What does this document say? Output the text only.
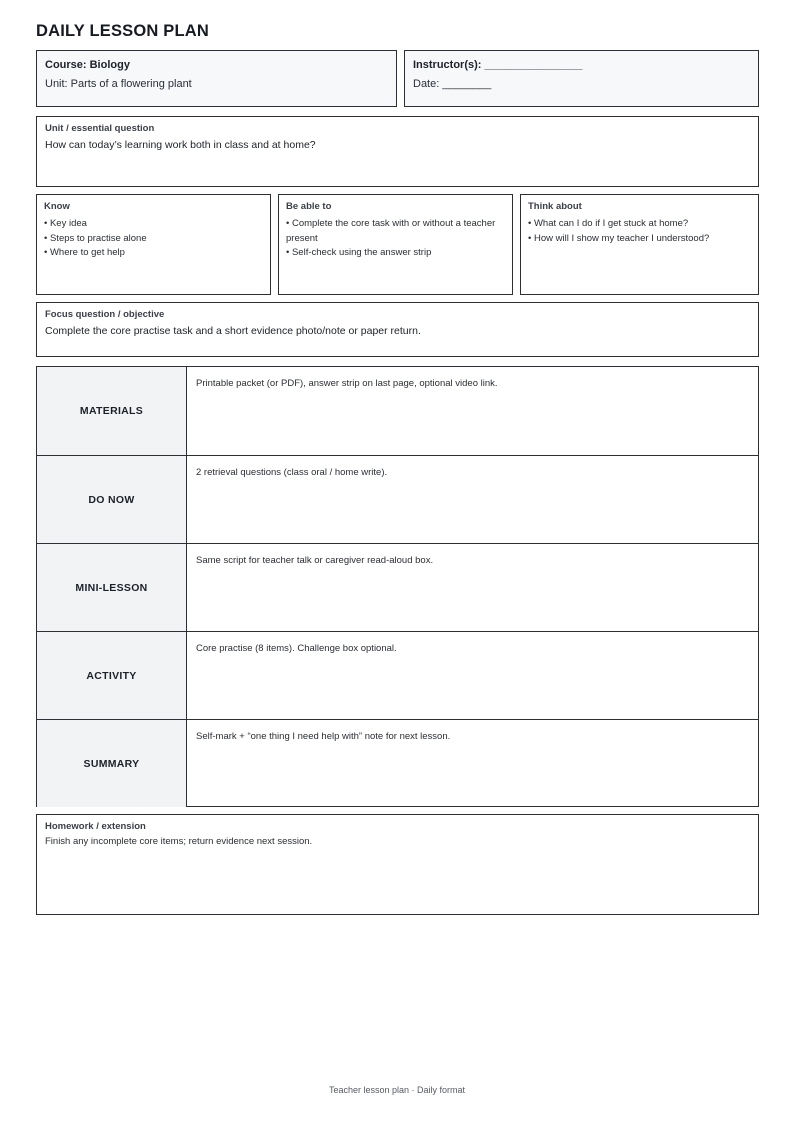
DAILY LESSON PLAN
Course: Biology
Unit: Parts of a flowering plant
Instructor(s): ________________
Date: ________
Unit / essential question
How can today’s learning work both in class and at home?
Know
• Key idea
• Steps to practise alone
• Where to get help
Be able to
• Complete the core task with or without a teacher present
• Self-check using the answer strip
Think about
• What can I do if I get stuck at home?
• How will I show my teacher I understood?
Focus question / objective
Complete the core practise task and a short evidence photo/note or paper return.
MATERIALS
Printable packet (or PDF), answer strip on last page, optional video link.
DO NOW
2 retrieval questions (class oral / home write).
MINI-LESSON
Same script for teacher talk or caregiver read-aloud box.
ACTIVITY
Core practise (8 items). Challenge box optional.
SUMMARY
Self-mark + “one thing I need help with” note for next lesson.
Homework / extension
Finish any incomplete core items; return evidence next session.
Teacher lesson plan · Daily format
